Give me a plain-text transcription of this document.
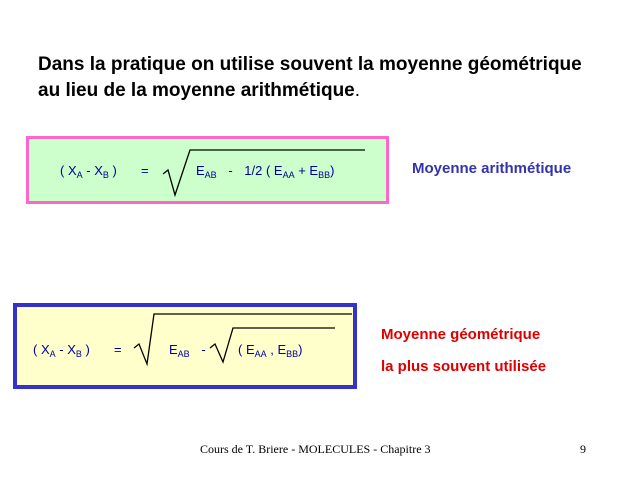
Dans la pratique on utilise souvent la moyenne géométrique au lieu de la moyenne arithmétique.
( $X_A - X_B$ ) =	$E_{AB} - 1/2$ ( $E_{AA} + E_{BB}$)	Moyenne arithmétique
( $X_A - X_B$ ) =	$E_{AB}$ - ( $E_{AA}$ , $E_{BB}$)
Moyenne géométrique
la plus souvent utilisée
Cours de T. Briere - MOLECULES - Chapitre 3	9
